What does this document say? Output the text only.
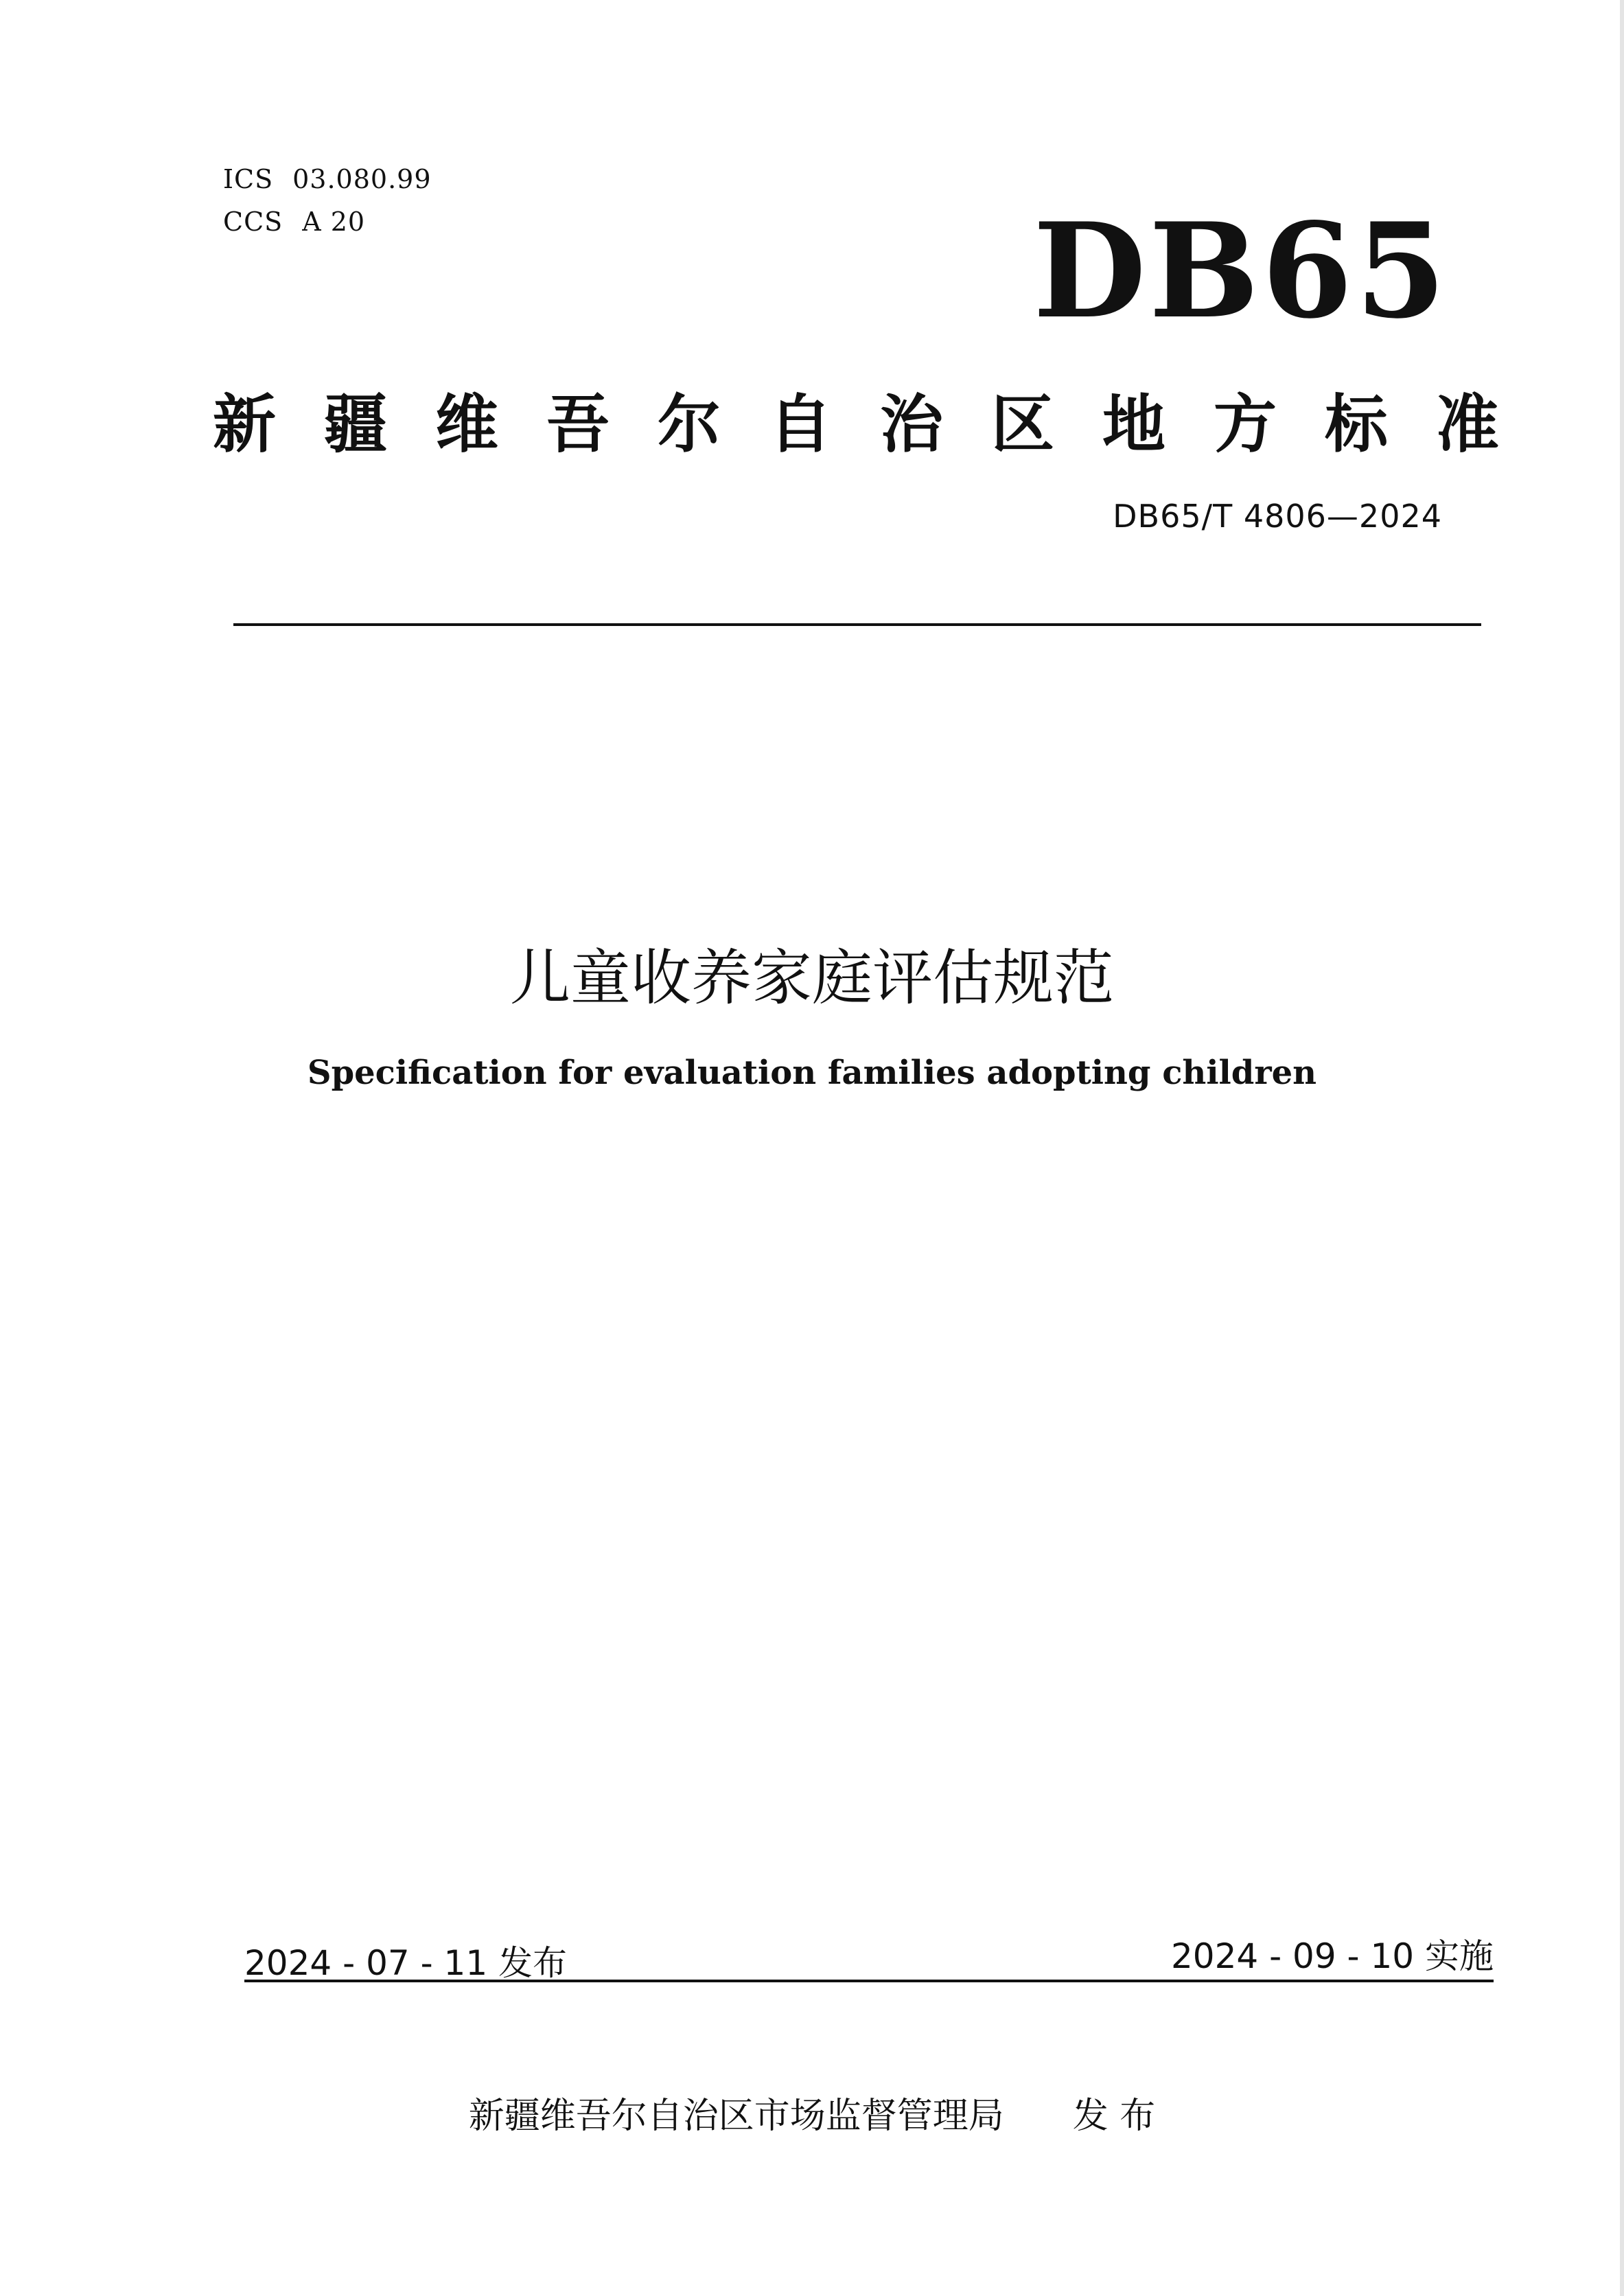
ICS 03.080.99
CCS A 20	DB65
新疆维吾尔自治区地方标准
DB65/T 4806—2024
儿童收养家庭评估规范
Specification for evaluation families adopting children
2024 - 07 - 11 发布	2024 - 09 - 10 实施
新疆维吾尔自治区市场监督管理局 发 布
